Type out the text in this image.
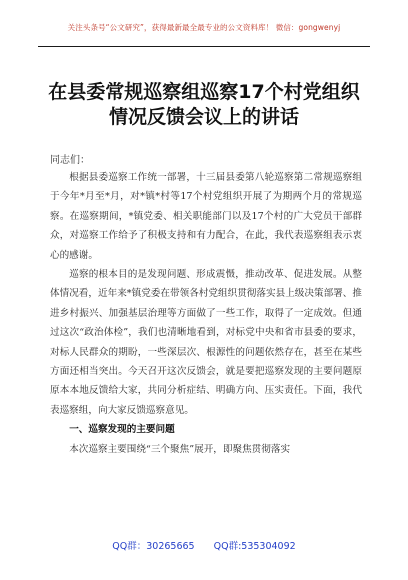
关注头条号“公文研究”，获得最新最全最专业的公文资料库！ 微信：gongwenyj
在县委常规巡察组巡察17个村党组织
情况反馈会议上的讲话
同志们：

根据县委巡察工作统一部署，十三届县委第八轮巡察第二常规巡察组于今年*月至*月，对*镇*村等17个村党组织开展了为期两个月的常规巡察。在巡察期间，*镇党委、相关职能部门以及17个村的广大党员干部群众，对巡察工作给予了积极支持和有力配合，在此，我代表巡察组表示衷心的感谢。

巡察的根本目的是发现问题、形成震慑，推动改革、促进发展。从整体情况看，近年来*镇党委在带领各村党组织贯彻落实县上级决策部署、推进乡村振兴、加强基层治理等方面做了一些工作，取得了一定成效。但通过这次“政治体检”，我们也清晰地看到，对标党中央和省市县委的要求，对标人民群众的期盼，一些深层次、根源性的问题依然存在，甚至在某些方面还相当突出。今天召开这次反馈会，就是要把巡察发现的主要问题原原本本地反馈给大家，共同分析症结、明确方向、压实责任。下面，我代表巡察组，向大家反馈巡察意见。

一、巡察发现的主要问题

本次巡察主要围绕“三个聚焦”展开，即聚焦贯彻落实

QQ群：30265665 QQ群:535304092
